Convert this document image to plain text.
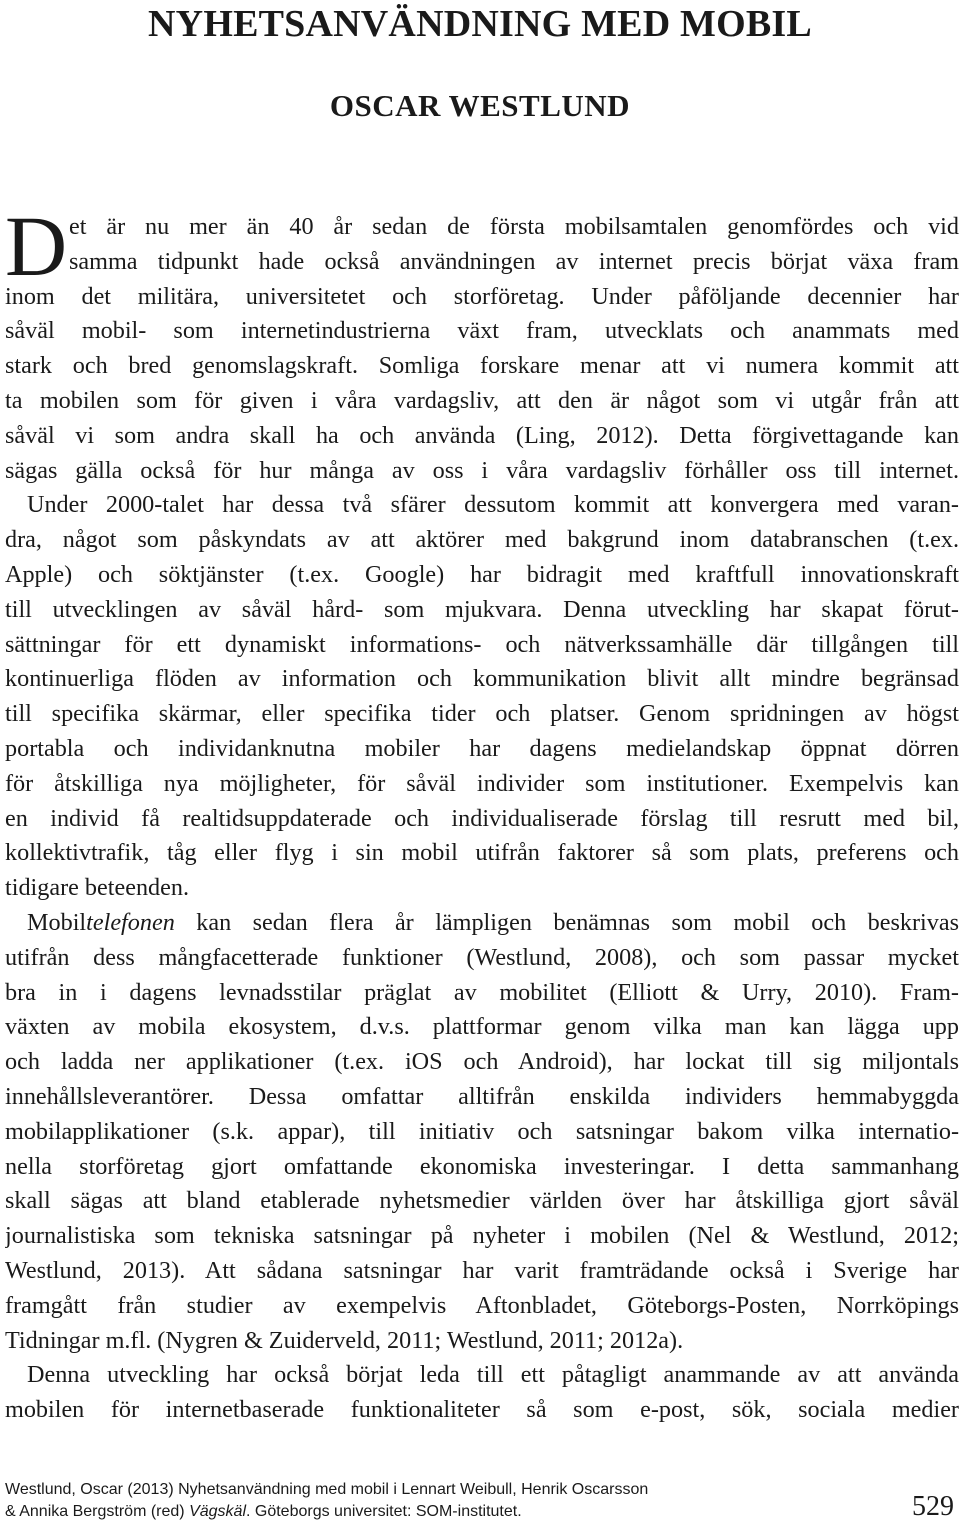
NYHETSANVÄNDNING MED MOBIL
OSCAR WESTLUND
D et är nu mer än 40 år sedan de första mobilsamtalen genomfördes och vid
samma tidpunkt hade också användningen av internet precis börjat växa fram
inom det militära, universitetet och storföretag. Under påföljande decennier har
såväl mobil- som internetindustrierna växt fram, utvecklats och anammats med
stark och bred genomslagskraft. Somliga forskare menar att vi numera kommit att
ta mobilen som för given i våra vardagsliv, att den är något som vi utgår från att
såväl vi som andra skall ha och använda (Ling, 2012). Detta förgivettagande kan
sägas gälla också för hur många av oss i våra vardagsliv förhåller oss till internet.
Under 2000-talet har dessa två sfärer dessutom kommit att konvergera med varan-
dra, något som påskyndats av att aktörer med bakgrund inom databranschen (t.ex.
Apple) och söktjänster (t.ex. Google) har bidragit med kraftfull innovationskraft
till utvecklingen av såväl hård- som mjukvara. Denna utveckling har skapat förut-
sättningar för ett dynamiskt informations- och nätverkssamhälle där tillgången till
kontinuerliga flöden av information och kommunikation blivit allt mindre begränsad
till specifika skärmar, eller specifika tider och platser. Genom spridningen av högst
portabla och individanknutna mobiler har dagens medielandskap öppnat dörren
för åtskilliga nya möjligheter, för såväl individer som institutioner. Exempelvis kan
en individ få realtidsuppdaterade och individualiserade förslag till resrutt med bil,
kollektivtrafik, tåg eller flyg i sin mobil utifrån faktorer så som plats, preferens och
tidigare beteenden.
Mobiltelefonen kan sedan flera år lämpligen benämnas som mobil och beskrivas
utifrån dess mångfacetterade funktioner (Westlund, 2008), och som passar mycket
bra in i dagens levnadsstilar präglat av mobilitet (Elliott & Urry, 2010). Fram-
växten av mobila ekosystem, d.v.s. plattformar genom vilka man kan lägga upp
och ladda ner applikationer (t.ex. iOS och Android), har lockat till sig miljontals
innehållsleverantörer. Dessa omfattar alltifrån enskilda individers hemmabyggda
mobilapplikationer (s.k. appar), till initiativ och satsningar bakom vilka internatio-
nella storföretag gjort omfattande ekonomiska investeringar. I detta sammanhang
skall sägas att bland etablerade nyhetsmedier världen över har åtskilliga gjort såväl
journalistiska som tekniska satsningar på nyheter i mobilen (Nel & Westlund, 2012;
Westlund, 2013). Att sådana satsningar har varit framträdande också i Sverige har
framgått från studier av exempelvis Aftonbladet, Göteborgs-Posten, Norrköpings
Tidningar m.fl. (Nygren & Zuiderveld, 2011; Westlund, 2011; 2012a).
Denna utveckling har också börjat leda till ett påtagligt anammande av att använda
mobilen för internetbaserade funktionaliteter så som e-post, sök, sociala medier
Westlund, Oscar (2013) Nyhetsanvändning med mobil i Lennart Weibull, Henrik Oscarsson
& Annika Bergström (red) Vägskäl. Göteborgs universitet: SOM-institutet.	529
